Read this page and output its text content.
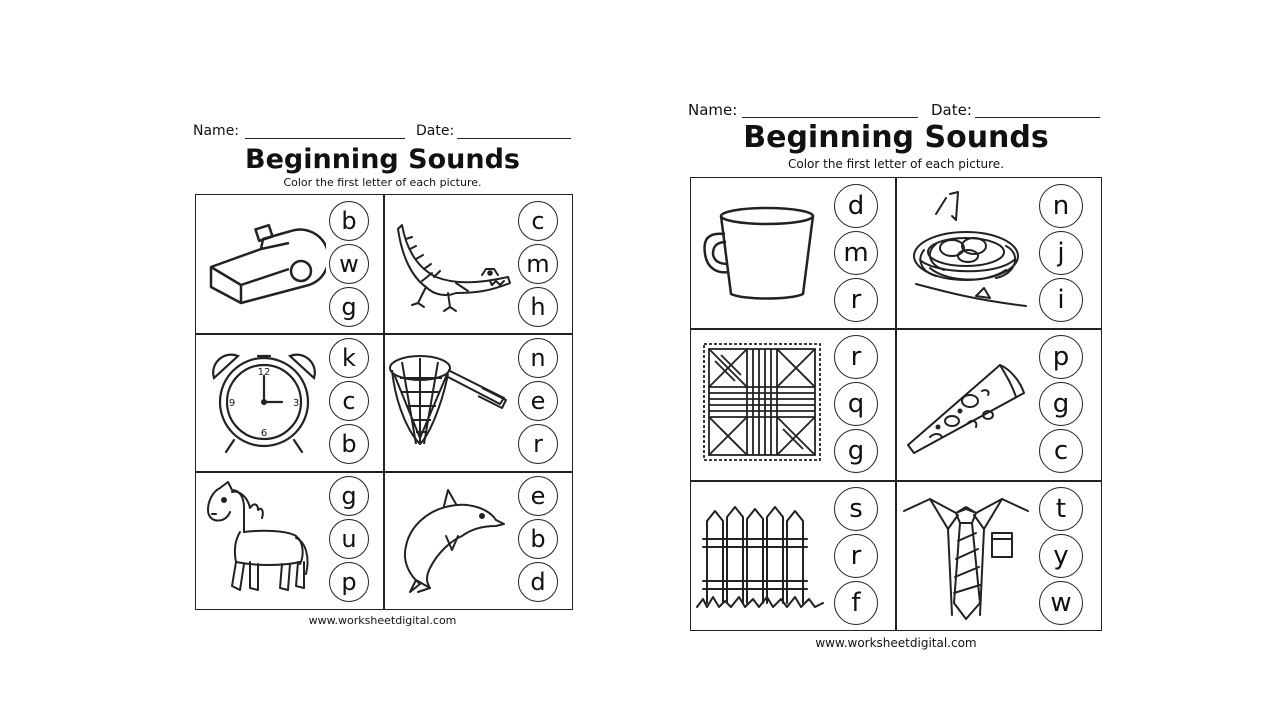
Name:	Date:
Beginning Sounds
Color the first letter of each picture.
b
w
g
c
m
h
12
3
6
9
k
c
b
n
e
r
g
u
p
e
b
d
www.worksheetdigital.com
Name:	Date:
Beginning Sounds
Color the first letter of each picture.
d
m
r
n
j
i
r
q
g
p
g
c
s
r
f
t
y
w
www.worksheetdigital.com
